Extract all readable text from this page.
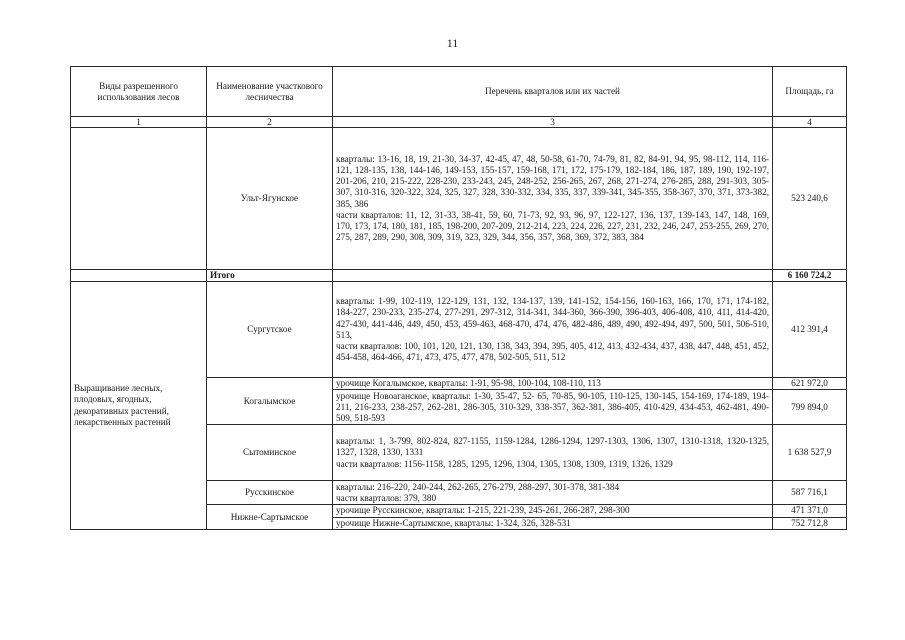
11
Виды разрешенного использования лесов	Наименование участкового лесничества	Перечень кварталов или их частей	Площадь, га
1	2	3	4
	Ульт-Ягунское	кварталы: 13-16, 18, 19, 21-30, 34-37, 42-45, 47, 48, 50-58, 61-70, 74-79, 81, 82, 84-91, 94, 95, 98-112, 114, 116-121, 128-135, 138, 144-146, 149-153, 155-157, 159-168, 171, 172, 175-179, 182-184, 186, 187, 189, 190, 192-197, 201-206, 210, 215-222, 228-230, 233-243, 245, 248-252, 256-265, 267, 268, 271-274, 276-285, 288, 291-303, 305- 307, 310-316, 320-322, 324, 325, 327, 328, 330-332, 334, 335, 337, 339-341, 345-355, 358-367, 370, 371, 373-382, 385, 386
части кварталов: 11, 12, 31-33, 38-41, 59, 60, 71-73, 92, 93, 96, 97, 122-127, 136, 137, 139-143, 147, 148, 169, 170, 173, 174, 180, 181, 185, 198-200, 207-209, 212-214, 223, 224, 226, 227, 231, 232, 246, 247, 253-255, 269, 270, 275, 287, 289, 290, 308, 309, 319, 323, 329, 344, 356, 357, 368, 369, 372, 383, 384	523 240,6
	Итого		6 160 724,2
Выращивание лесных, плодовых, ягодных, декоративных растений, лекарственных растений	Сургутское	кварталы: 1-99, 102-119, 122-129, 131, 132, 134-137, 139, 141-152, 154-156, 160-163, 166, 170, 171, 174-182, 184-227, 230-233, 235-274, 277-291, 297-312, 314-341, 344-360, 366-390, 396-403, 406-408, 410, 411, 414-420, 427-430, 441-446, 449, 450, 453, 459-463, 468-470, 474, 476, 482-486, 489, 490, 492-494, 497, 500, 501, 506-510, 513,
части кварталов: 100, 101, 120, 121, 130, 138, 343, 394, 395, 405, 412, 413, 432-434, 437, 438, 447, 448, 451, 452, 454-458, 464-466, 471, 473, 475, 477, 478, 502-505, 511, 512	412 391,4
	Когалымское	урочище Когалымское, кварталы: 1-91, 95-98, 100-104, 108-110, 113	621 972,0

		урочище Новоаганское, кварталы: 1-30, 35-47, 52- 65, 70-85, 90-105, 110-125, 130-145, 154-169, 174-189, 194-211, 216-233, 238-257, 262-281, 286-305, 310-329, 338-357, 362-381, 386-405, 410-429, 434-453, 462-481, 490-509, 518-593	799 894,0
	Сытоминское	кварталы: 1, 3-799, 802-824, 827-1155, 1159-1284, 1286-1294, 1297-1303, 1306, 1307, 1310-1318, 1320-1325, 1327, 1328, 1330, 1331
части кварталов: 1156-1158, 1285, 1295, 1296, 1304, 1305, 1308, 1309, 1319, 1326, 1329	1 638 527,9
	Русскинское	кварталы: 216-220, 240-244, 262-265, 276-279, 288-297, 301-378, 381-384
части кварталов: 379, 380	587 716,1
	Нижне-Сартымское	урочище Русскинское, кварталы: 1-215, 221-239, 245-261, 266-287, 298-300	471 371,0

		урочище Нижне-Сартымское, кварталы: 1-324, 326, 328-531	752 712,8
